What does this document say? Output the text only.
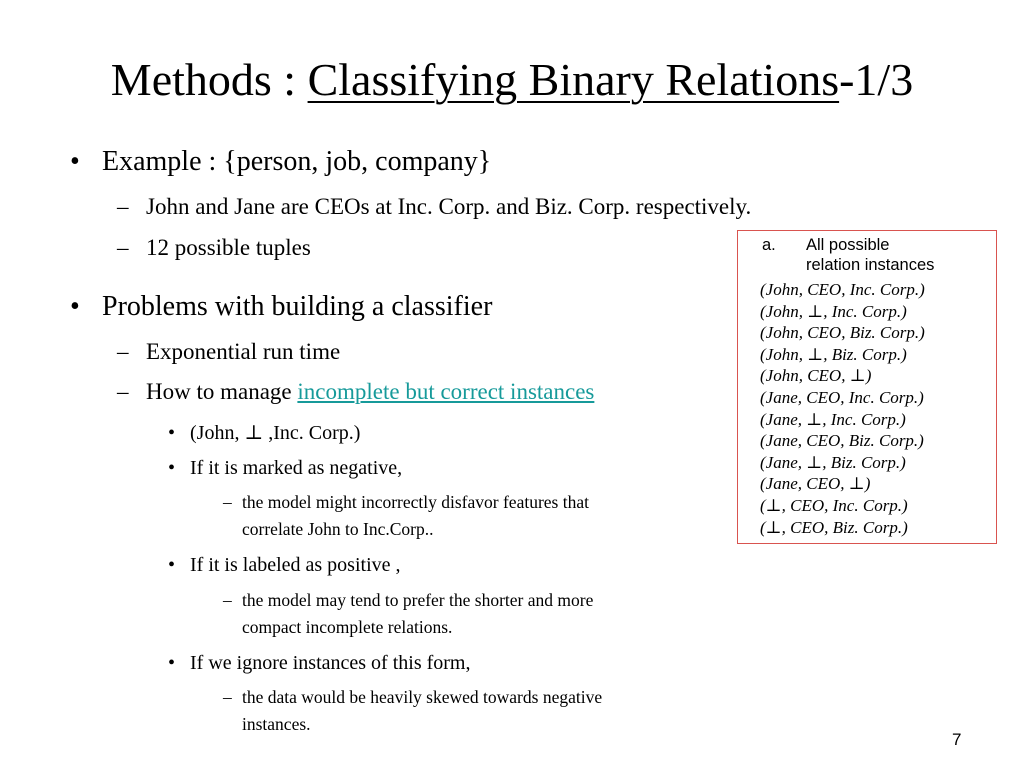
Methods : Classifying Binary Relations-1/3
• Example : {person, job, company}
– John and Jane are CEOs at Inc. Corp. and Biz. Corp. respectively.
– 12 possible tuples
• Problems with building a classifier
– Exponential run time
– How to manage incomplete but correct instances
• (John, ⊥ ,Inc. Corp.)
• If it is marked as negative,
– the model might incorrectly disfavor features that
correlate John to Inc.Corp..
• If it is labeled as positive ,
– the model may tend to prefer the shorter and more
compact incomplete relations.
• If we ignore instances of this form,
– the data would be heavily skewed towards negative
instances.
a. All possible
relation instances
(John, CEO, Inc. Corp.)
(John, ⊥, Inc. Corp.)
(John, CEO, Biz. Corp.)
(John, ⊥, Biz. Corp.)
(John, CEO, ⊥)
(Jane, CEO, Inc. Corp.)
(Jane, ⊥, Inc. Corp.)
(Jane, CEO, Biz. Corp.)
(Jane, ⊥, Biz. Corp.)
(Jane, CEO, ⊥)
(⊥, CEO, Inc. Corp.)
(⊥, CEO, Biz. Corp.)
7
